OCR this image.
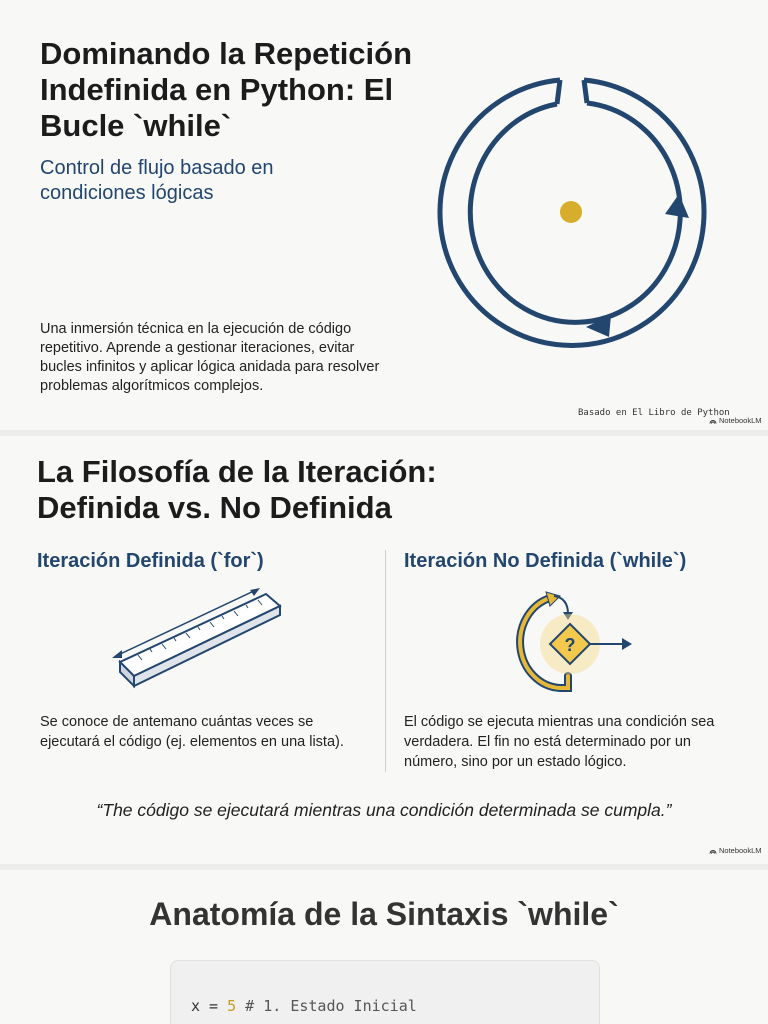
Dominando la Repetición Indefinida en Python: El Bucle `while`

Control de flujo basado en condiciones lógicas

Una inmersión técnica en la ejecución de código repetitivo. Aprende a gestionar iteraciones, evitar bucles infinitos y aplicar lógica anidada para resolver problemas algorítmicos complejos.

Basado en El Libro de Python
NotebookLM
La Filosofía de la Iteración: Definida vs. No Definida
Iteración Definida (`for`)	Iteración No Definida (`while`)
?

Se conoce de antemano cuántas veces se ejecutará el código (ej. elementos en una lista).

El código se ejecuta mientras una condición sea verdadera. El fin no está determinado por un número, sino por un estado lógico.

“The código se ejecutará mientras una condición determinada se cumpla.”

NotebookLM
Anatomía de la Sintaxis `while`
x = 5 # 1. Estado Inicial
